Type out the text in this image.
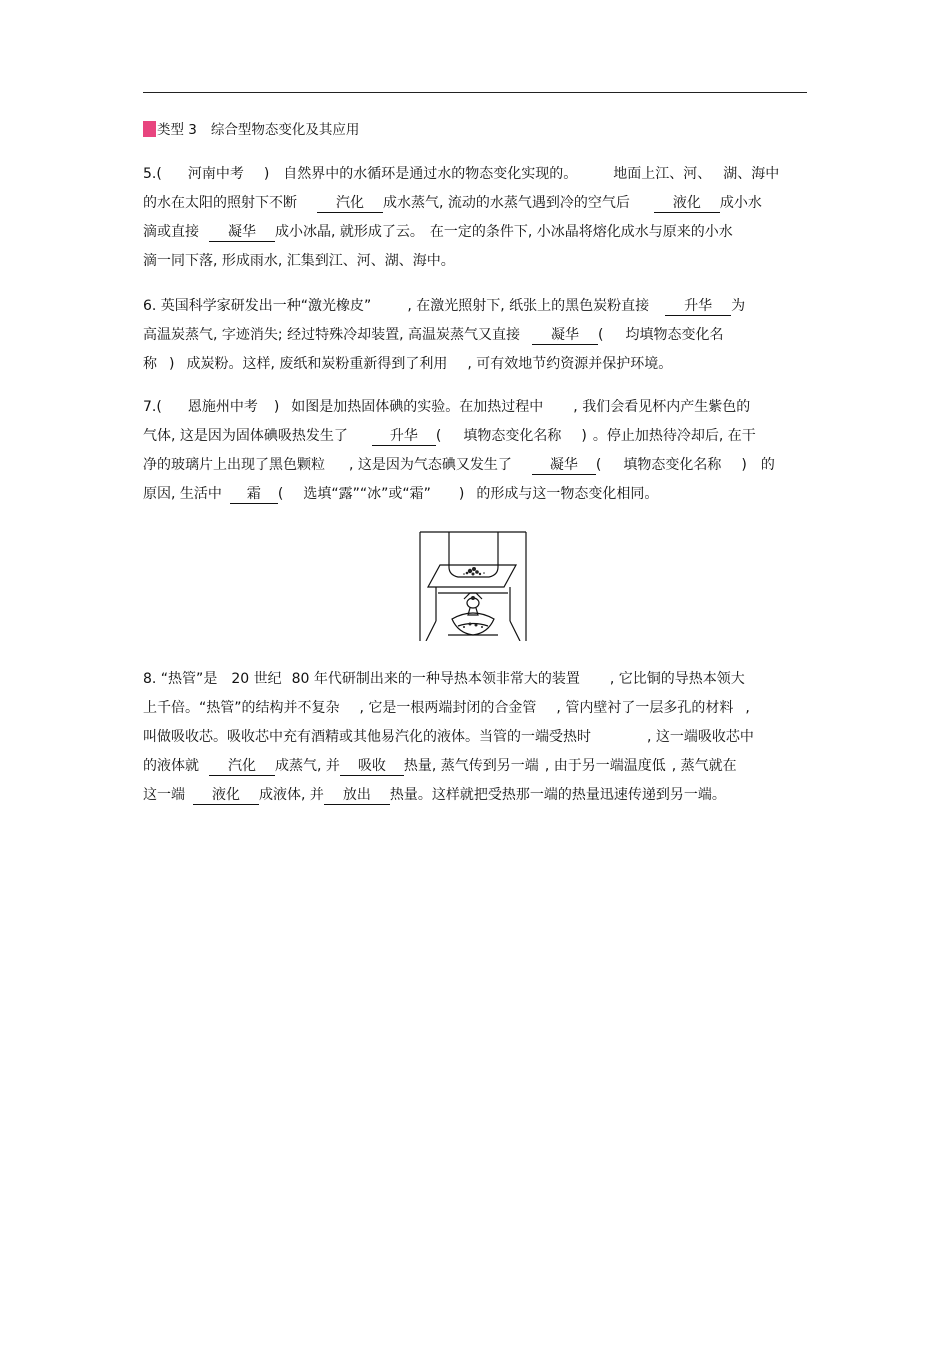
类型 3 综合型物态变化及其应用
5.( 河南中考 ) 自然界中的水循环是通过水的物态变化实现的。	地面上江、河、 湖、海中
的水在太阳的照射下不断	汽化 成水蒸气, 流动的水蒸气遇到冷的空气后	液化 成小水
滴或直接 凝华 成小冰晶, 就形成了云。 在一定的条件下, 小冰晶将熔化成水与原来的小水
滴一同下落, 形成雨水, 汇集到江、河、湖、海中。
6. 英国科学家研发出一种“激光橡皮”	, 在激光照射下, 纸张上的黑色炭粉直接	升华 为
高温炭蒸气, 字迹消失; 经过特殊冷却装置, 高温炭蒸气又直接 凝华 ( 均填物态变化名
称 ) 成炭粉。这样, 废纸和炭粉重新得到了利用 , 可有效地节约资源并保护环境。
7.( 恩施州中考 ) 如图是加热固体碘的实验。在加热过程中 , 我们会看见杯内产生紫色的
气体, 这是因为固体碘吸热发生了	升华 ( 填物态变化名称 ) 。停止加热待冷却后, 在干
净的玻璃片上出现了黑色颗粒 , 这是因为气态碘又发生了	凝华 ( 填物态变化名称 ) 的
原因, 生活中 霜 ( 选填“露”“冰”或“霜” ) 的形成与这一物态变化相同。
8. “热管”是 20 世纪 80 年代研制出来的一种导热本领非常大的装置 , 它比铜的导热本领大
上千倍。“热管”的结构并不复杂 , 它是一根两端封闭的合金管 , 管内壁衬了一层多孔的材料 ,
叫做吸收芯。吸收芯中充有酒精或其他易汽化的液体。当管的一端受热时	, 这一端吸收芯中
的液体就 汽化 成蒸气, 并 吸收 热量, 蒸气传到另一端 , 由于另一端温度低 , 蒸气就在
这一端 液化 成液体, 并 放出 热量。这样就把受热那一端的热量迅速传递到另一端。
